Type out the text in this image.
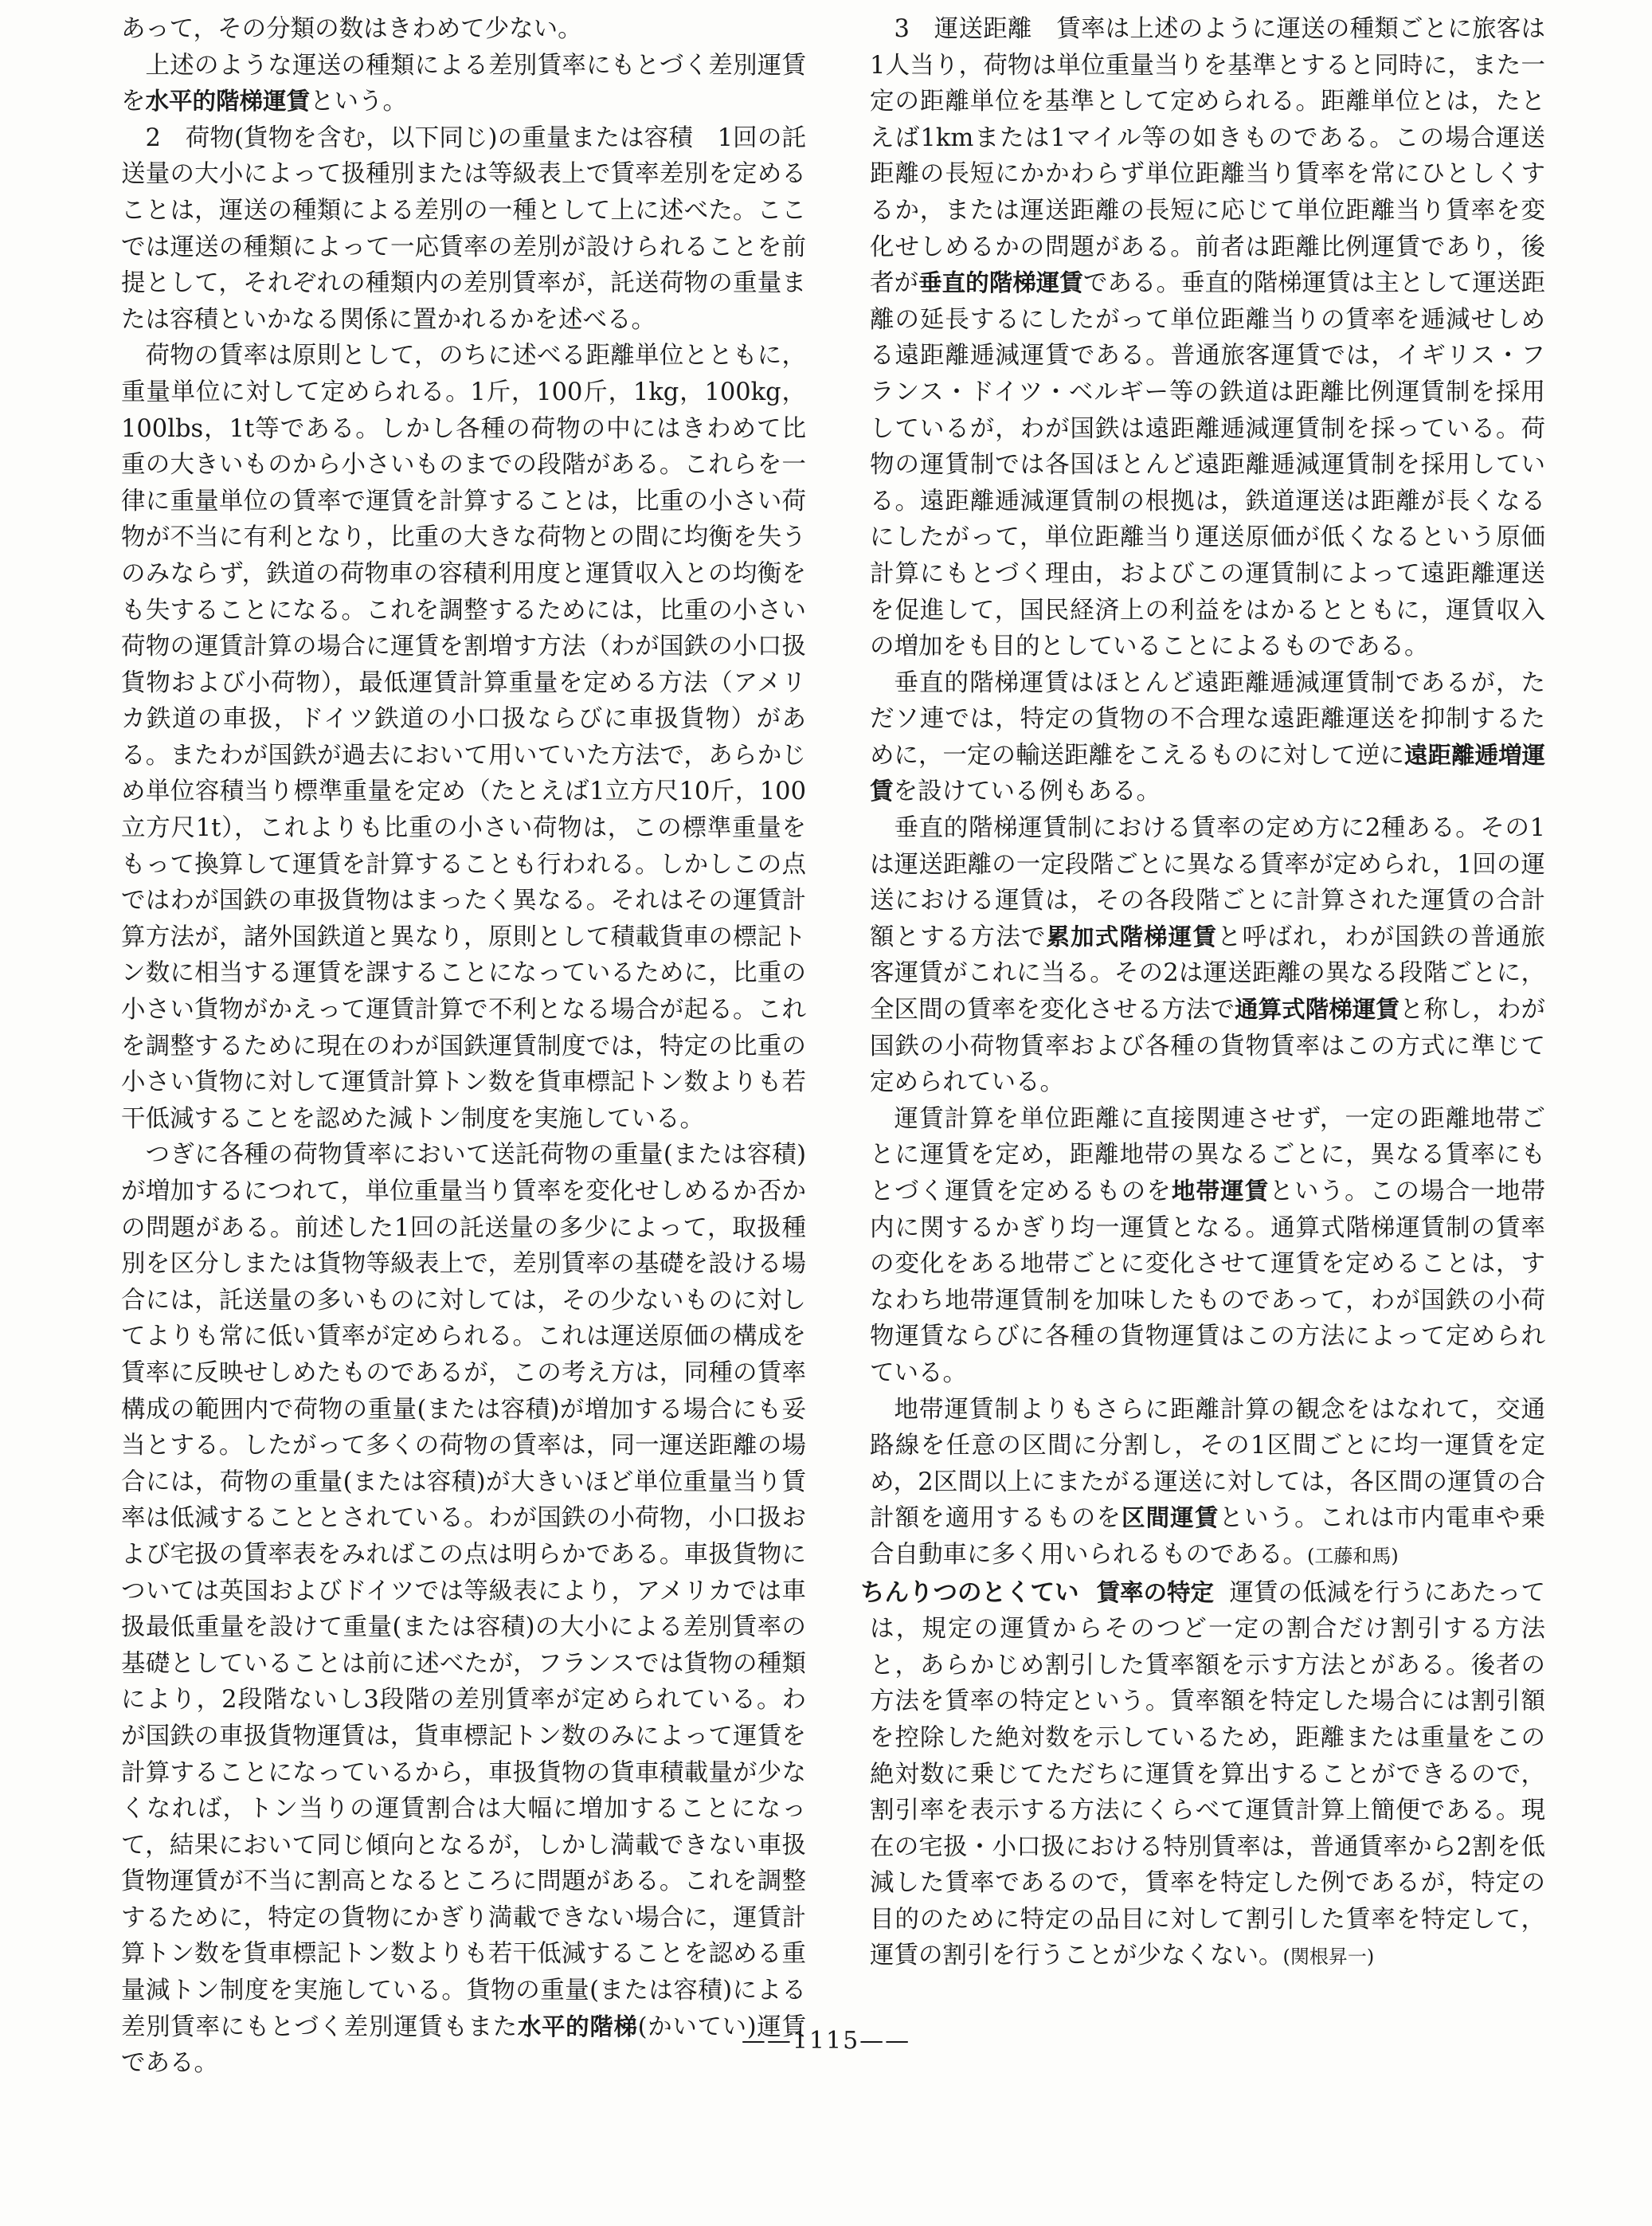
あって，その分類の数はきわめて少ない。

上述のような運送の種類による差別賃率にもとづく差別運賃を水平的階梯運賃という。

2　荷物(貨物を含む，以下同じ)の重量または容積　1回の託送量の大小によって扱種別または等級表上で賃率差別を定めることは，運送の種類による差別の一種として上に述べた。ここでは運送の種類によって一応賃率の差別が設けられることを前提として，それぞれの種類内の差別賃率が，託送荷物の重量または容積といかなる関係に置かれるかを述べる。

荷物の賃率は原則として，のちに述べる距離単位とともに，重量単位に対して定められる。1斤，100斤，1kg，100kg，100lbs，1t等である。しかし各種の荷物の中にはきわめて比重の大きいものから小さいものまでの段階がある。これらを一律に重量単位の賃率で運賃を計算することは，比重の小さい荷物が不当に有利となり，比重の大きな荷物との間に均衡を失うのみならず，鉄道の荷物車の容積利用度と運賃収入との均衡をも失することになる。これを調整するためには，比重の小さい荷物の運賃計算の場合に運賃を割増す方法（わが国鉄の小口扱貨物および小荷物），最低運賃計算重量を定める方法（アメリカ鉄道の車扱，ドイツ鉄道の小口扱ならびに車扱貨物）がある。またわが国鉄が過去において用いていた方法で，あらかじめ単位容積当り標準重量を定め（たとえば1立方尺10斤，100立方尺1t），これよりも比重の小さい荷物は，この標準重量をもって換算して運賃を計算することも行われる。しかしこの点ではわが国鉄の車扱貨物はまったく異なる。それはその運賃計算方法が，諸外国鉄道と異なり，原則として積載貨車の標記トン数に相当する運賃を課することになっているために，比重の小さい貨物がかえって運賃計算で不利となる場合が起る。これを調整するために現在のわが国鉄運賃制度では，特定の比重の小さい貨物に対して運賃計算トン数を貨車標記トン数よりも若干低減することを認めた減トン制度を実施している。

つぎに各種の荷物賃率において送託荷物の重量(または容積)が増加するにつれて，単位重量当り賃率を変化せしめるか否かの問題がある。前述した1回の託送量の多少によって，取扱種別を区分しまたは貨物等級表上で，差別賃率の基礎を設ける場合には，託送量の多いものに対しては，その少ないものに対してよりも常に低い賃率が定められる。これは運送原価の構成を賃率に反映せしめたものであるが，この考え方は，同種の賃率構成の範囲内で荷物の重量(または容積)が増加する場合にも妥当とする。したがって多くの荷物の賃率は，同一運送距離の場合には，荷物の重量(または容積)が大きいほど単位重量当り賃率は低減することとされている。わが国鉄の小荷物，小口扱および宅扱の賃率表をみればこの点は明らかである。車扱貨物については英国およびドイツでは等級表により，アメリカでは車扱最低重量を設けて重量(または容積)の大小による差別賃率の基礎としていることは前に述べたが，フランスでは貨物の種類により，2段階ないし3段階の差別賃率が定められている。わが国鉄の車扱貨物運賃は，貨車標記トン数のみによって運賃を計算することになっているから，車扱貨物の貨車積載量が少なくなれば，トン当りの運賃割合は大幅に増加することになって，結果において同じ傾向となるが，しかし満載できない車扱貨物運賃が不当に割高となるところに問題がある。これを調整するために，特定の貨物にかぎり満載できない場合に，運賃計算トン数を貨車標記トン数よりも若干低減することを認める重量減トン制度を実施している。貨物の重量(または容積)による差別賃率にもとづく差別運賃もまた水平的階梯(かいてい)運賃である。

3　運送距離　賃率は上述のように運送の種類ごとに旅客は1人当り，荷物は単位重量当りを基準とすると同時に，また一定の距離単位を基準として定められる。距離単位とは，たとえば1kmまたは1マイル等の如きものである。この場合運送距離の長短にかかわらず単位距離当り賃率を常にひとしくするか，または運送距離の長短に応じて単位距離当り賃率を変化せしめるかの問題がある。前者は距離比例運賃であり，後者が垂直的階梯運賃である。垂直的階梯運賃は主として運送距離の延長するにしたがって単位距離当りの賃率を逓減せしめる遠距離逓減運賃である。普通旅客運賃では，イギリス・フランス・ドイツ・ベルギー等の鉄道は距離比例運賃制を採用しているが，わが国鉄は遠距離逓減運賃制を採っている。荷物の運賃制では各国ほとんど遠距離逓減運賃制を採用している。遠距離逓減運賃制の根拠は，鉄道運送は距離が長くなるにしたがって，単位距離当り運送原価が低くなるという原価計算にもとづく理由，およびこの運賃制によって遠距離運送を促進して，国民経済上の利益をはかるとともに，運賃収入の増加をも目的としていることによるものである。

垂直的階梯運賃はほとんど遠距離逓減運賃制であるが，ただソ連では，特定の貨物の不合理な遠距離運送を抑制するために，一定の輸送距離をこえるものに対して逆に遠距離逓増運賃を設けている例もある。

垂直的階梯運賃制における賃率の定め方に2種ある。その1は運送距離の一定段階ごとに異なる賃率が定められ，1回の運送における運賃は，その各段階ごとに計算された運賃の合計額とする方法で累加式階梯運賃と呼ばれ，わが国鉄の普通旅客運賃がこれに当る。その2は運送距離の異なる段階ごとに，全区間の賃率を変化させる方法で通算式階梯運賃と称し，わが国鉄の小荷物賃率および各種の貨物賃率はこの方式に準じて定められている。

運賃計算を単位距離に直接関連させず，一定の距離地帯ごとに運賃を定め，距離地帯の異なるごとに，異なる賃率にもとづく運賃を定めるものを地帯運賃という。この場合一地帯内に関するかぎり均一運賃となる。通算式階梯運賃制の賃率の変化をある地帯ごとに変化させて運賃を定めることは，すなわち地帯運賃制を加味したものであって，わが国鉄の小荷物運賃ならびに各種の貨物運賃はこの方法によって定められている。

地帯運賃制よりもさらに距離計算の観念をはなれて，交通路線を任意の区間に分割し，その1区間ごとに均一運賃を定め，2区間以上にまたがる運送に対しては，各区間の運賃の合計額を適用するものを区間運賃という。これは市内電車や乗合自動車に多く用いられるものである。(工藤和馬)

ちんりつのとくてい 賃率の特定 運賃の低減を行うにあたっては，規定の運賃からそのつど一定の割合だけ割引する方法と，あらかじめ割引した賃率額を示す方法とがある。後者の方法を賃率の特定という。賃率額を特定した場合には割引額を控除した絶対数を示しているため，距離または重量をこの絶対数に乗じてただちに運賃を算出することができるので，割引率を表示する方法にくらべて運賃計算上簡便である。現在の宅扱・小口扱における特別賃率は，普通賃率から2割を低減した賃率であるので，賃率を特定した例であるが，特定の目的のために特定の品目に対して割引した賃率を特定して，運賃の割引を行うことが少なくない。(関根昇一)

——1115——
